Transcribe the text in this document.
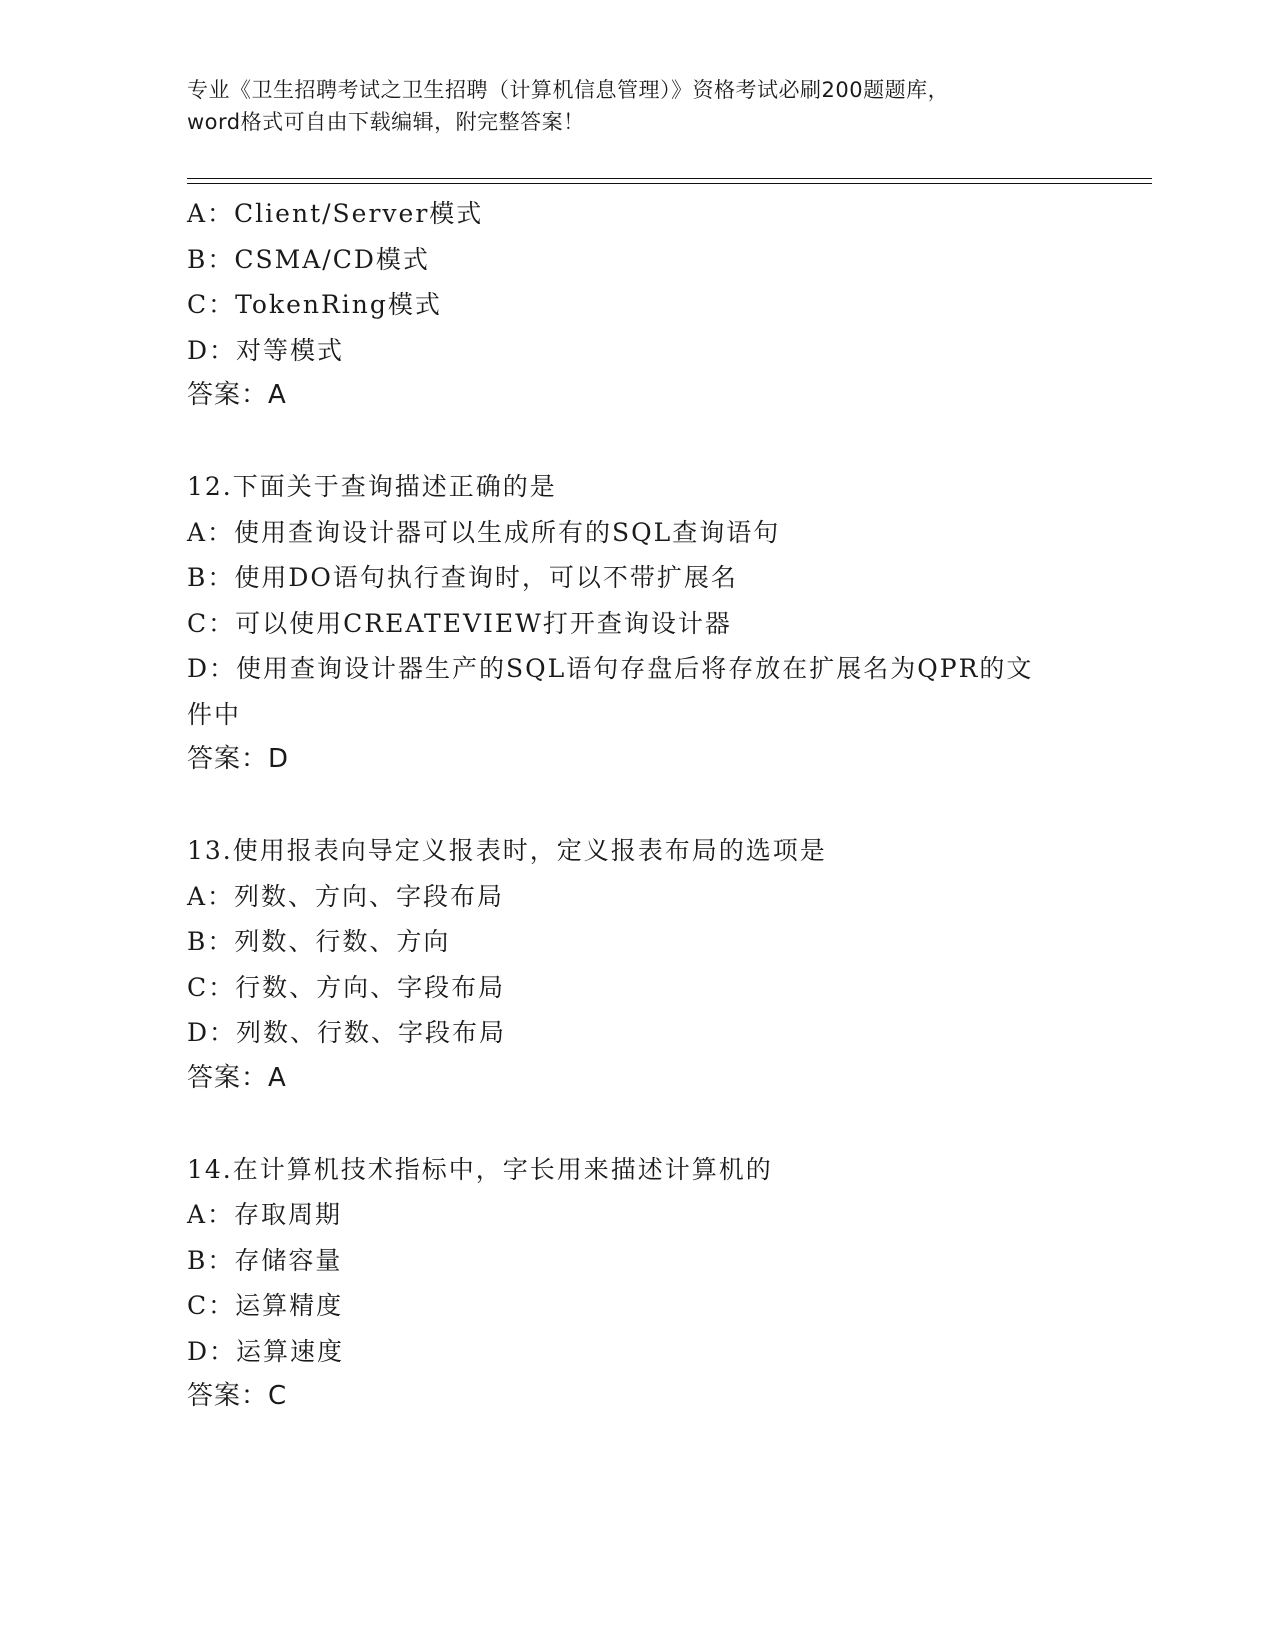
专业《卫生招聘考试之卫生招聘（计算机信息管理）》资格考试必刷200题题库，
word格式可自由下载编辑，附完整答案！
A：Client/Server模式
B：CSMA/CD模式
C：TokenRing模式
D：对等模式
答案：A
12.下面关于查询描述正确的是
A：使用查询设计器可以生成所有的SQL查询语句
B：使用DO语句执行查询时，可以不带扩展名
C：可以使用CREATEVIEW打开查询设计器
D：使用查询设计器生产的SQL语句存盘后将存放在扩展名为QPR的文
件中
答案：D
13.使用报表向导定义报表时，定义报表布局的选项是
A：列数、方向、字段布局
B：列数、行数、方向
C：行数、方向、字段布局
D：列数、行数、字段布局
答案：A
14.在计算机技术指标中，字长用来描述计算机的
A：存取周期
B：存储容量
C：运算精度
D：运算速度
答案：C
